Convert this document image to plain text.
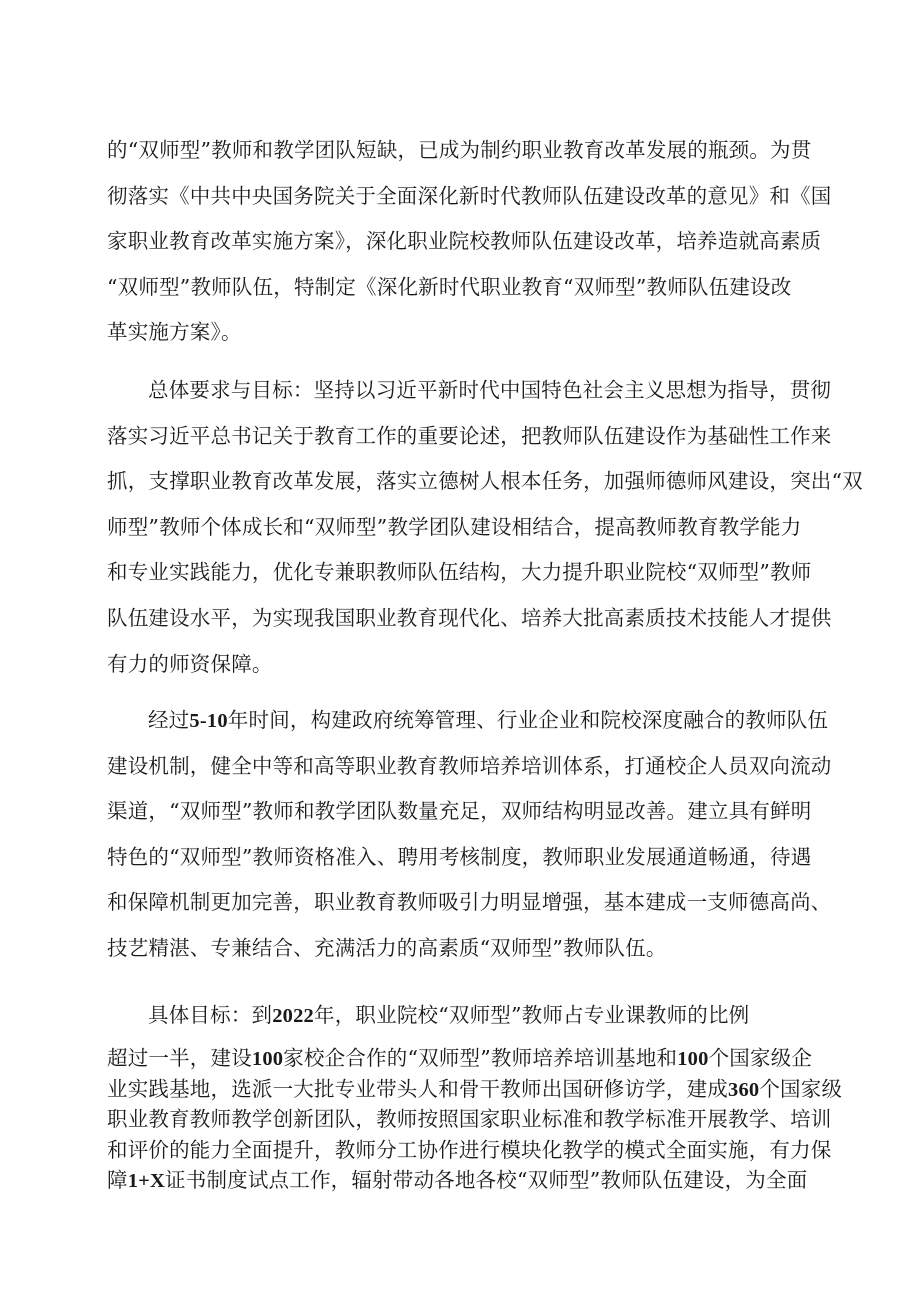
的“双师型”教师和教学团队短缺，已成为制约职业教育改革发展的瓶颈。为贯
彻落实《中共中央国务院关于全面深化新时代教师队伍建设改革的意见》和《国
家职业教育改革实施方案》，深化职业院校教师队伍建设改革，培养造就高素质
“双师型”教师队伍，特制定《深化新时代职业教育“双师型”教师队伍建设改
革实施方案》。
总体要求与目标：坚持以习近平新时代中国特色社会主义思想为指导，贯彻
落实习近平总书记关于教育工作的重要论述，把教师队伍建设作为基础性工作来
抓，支撑职业教育改革发展，落实立德树人根本任务，加强师德师风建设，突出“双
师型”教师个体成长和“双师型”教学团队建设相结合，提高教师教育教学能力
和专业实践能力，优化专兼职教师队伍结构，大力提升职业院校“双师型”教师
队伍建设水平，为实现我国职业教育现代化、培养大批高素质技术技能人才提供
有力的师资保障。
经过5-10年时间，构建政府统筹管理、行业企业和院校深度融合的教师队伍
建设机制，健全中等和高等职业教育教师培养培训体系，打通校企人员双向流动
渠道，“双师型”教师和教学团队数量充足，双师结构明显改善。建立具有鲜明
特色的“双师型”教师资格准入、聘用考核制度，教师职业发展通道畅通，待遇
和保障机制更加完善，职业教育教师吸引力明显增强，基本建成一支师德高尚、
技艺精湛、专兼结合、充满活力的高素质“双师型”教师队伍。
具体目标：到2022年，职业院校“双师型”教师占专业课教师的比例
超过一半，建设100家校企合作的“双师型”教师培养培训基地和100个国家级企
业实践基地，选派一大批专业带头人和骨干教师出国研修访学，建成360个国家级
职业教育教师教学创新团队，教师按照国家职业标准和教学标准开展教学、培训
和评价的能力全面提升，教师分工协作进行模块化教学的模式全面实施，有力保
障1+X证书制度试点工作，辐射带动各地各校“双师型”教师队伍建设，为全面
